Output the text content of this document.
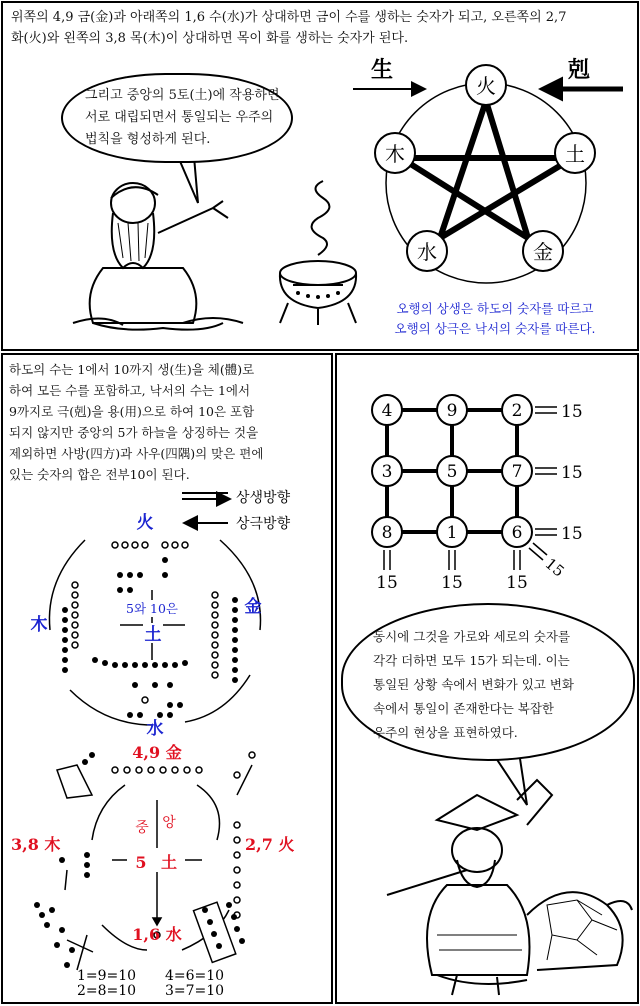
위쪽의 4,9 금(金)과 아래쪽의 1,6 수(水)가 상대하면 금이 수를 생하는 숫자가 되고, 오른쪽의 2,7
화(火)와 왼쪽의 3,8 목(木)이 상대하면 목이 화를 생하는 숫자가 된다.
그리고 중앙의 5토(土)에 작용하면
서로 대립되면서 통일되는 우주의
법칙을 형성하게 된다.
生	剋
火
土
金
水
木
오행의 상생은 하도의 숫자를 따르고
오행의 상극은 낙서의 숫자를 따른다.
하도의 수는 1에서 10까지 생(生)을 체(體)로
하여 모든 수를 포함하고, 낙서의 수는 1에서
9까지로 극(剋)을 용(用)으로 하여 10은 포함
되지 않지만 중앙의 5가 하늘을 상징하는 것을
제외하면 사방(四方)과 사우(四隅)의 맞은 편에
있는 숫자의 합은 전부10이 된다.
상생방향
상극방향
火
木
金
水
5와 10은
土
4,9 金
3,8 木	2,7 火
1,6 水
중 앙
5 土
1=9=10 4=6=10
2=8=10 3=7=10
4	9	2
3	5	7
8	1	6
15
15
15
15	15	15
15
동시에 그것을 가로와 세로의 숫자를
각각 더하면 모두 15가 되는데. 이는
통일된 상황 속에서 변화가 있고 변화
속에서 통일이 존재한다는 복잡한
우주의 현상을 표현하였다.
